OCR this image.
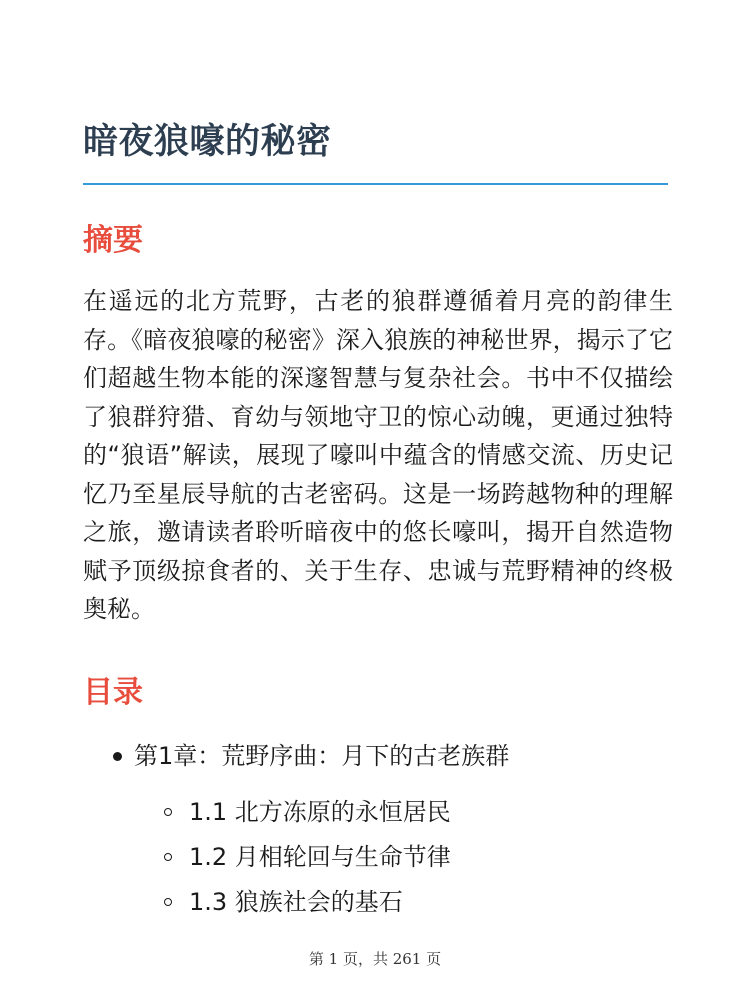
暗夜狼嚎的秘密
摘要

在遥远的北方荒野，古老的狼群遵循着月亮的韵律生存。《暗夜狼嚎的秘密》深入狼族的神秘世界，揭示了它们超越生物本能的深邃智慧与复杂社会。书中不仅描绘了狼群狩猎、育幼与领地守卫的惊心动魄，更通过独特的“狼语”解读，展现了嚎叫中蕴含的情感交流、历史记忆乃至星辰导航的古老密码。这是一场跨越物种的理解之旅，邀请读者聆听暗夜中的悠长嚎叫，揭开自然造物赋予顶级掠食者的、关于生存、忠诚与荒野精神的终极奥秘。

目录
第1章：荒野序曲：月下的古老族群
1.1 北方冻原的永恒居民
1.2 月相轮回与生命节律
1.3 狼族社会的基石
第 1 页，共 261 页
